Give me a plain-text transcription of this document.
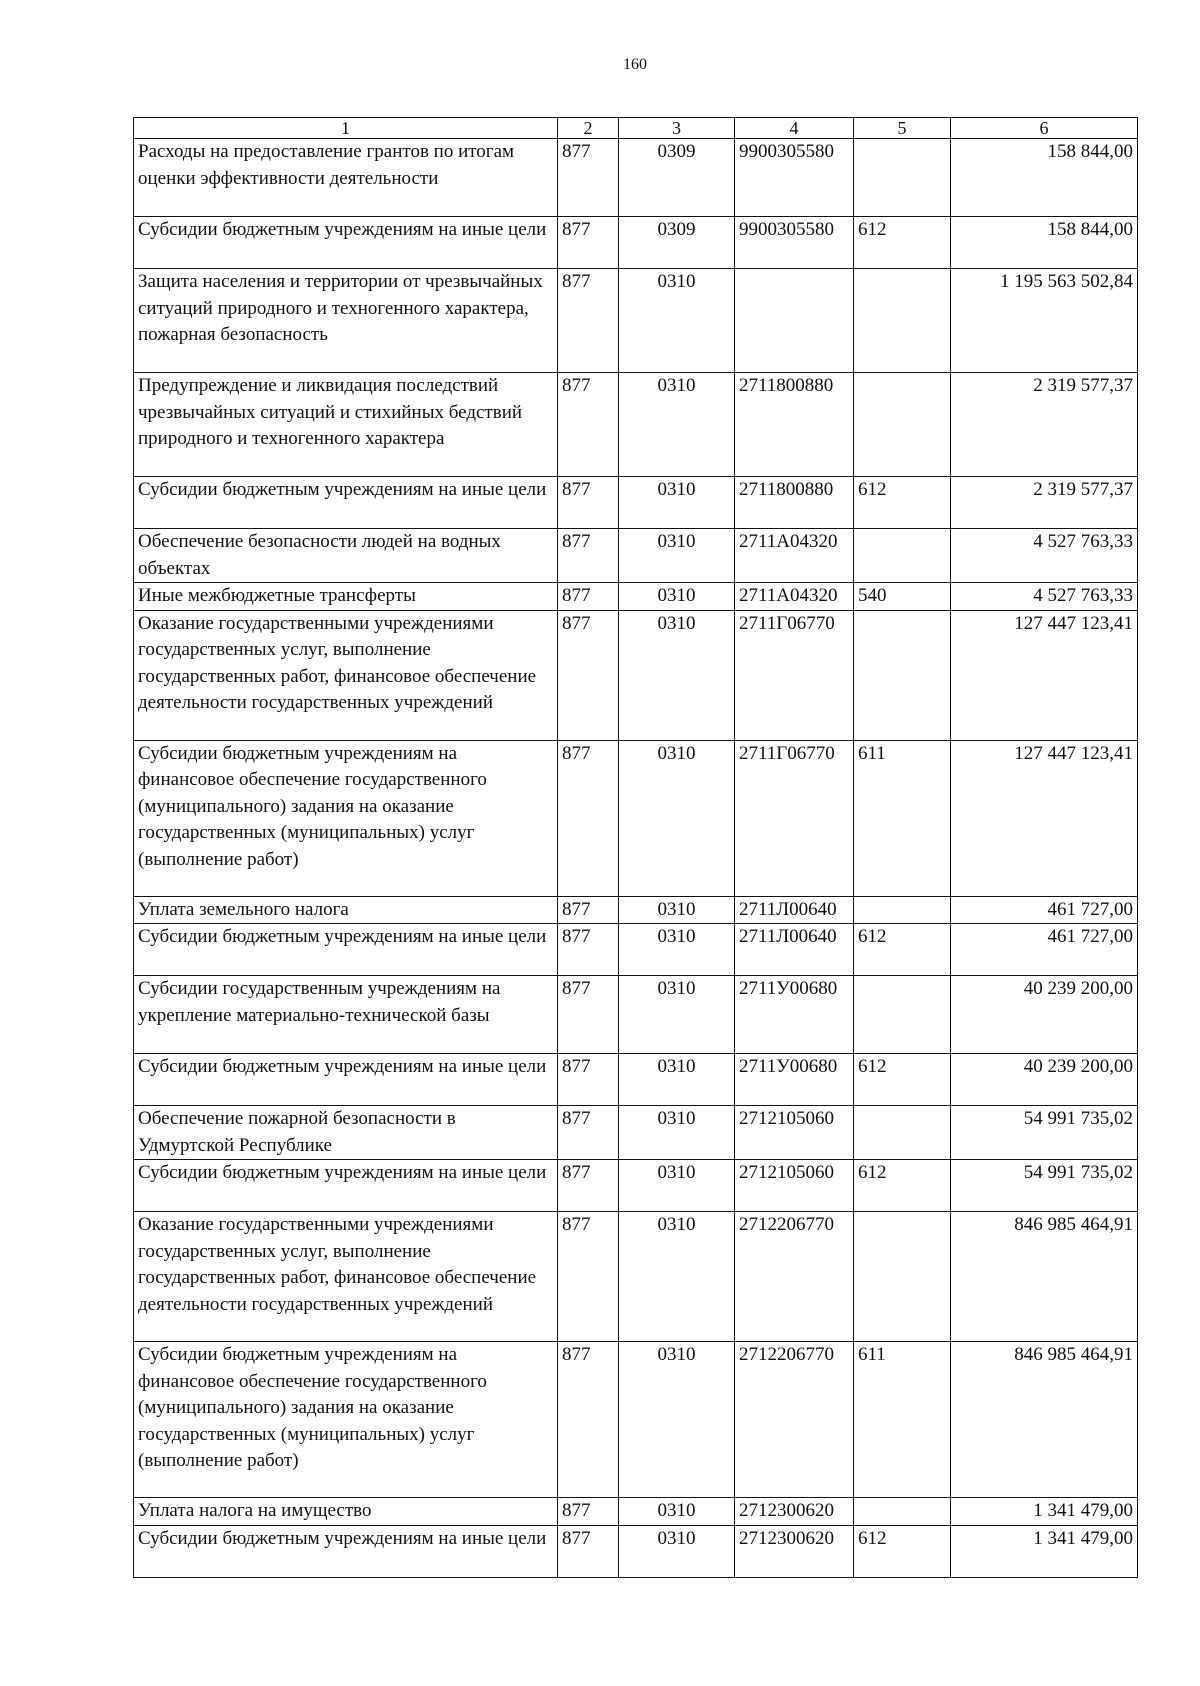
160
1	2	3	4	5	6
Расходы на предоставление грантов по итогам оценки эффективности деятельности	877	0309	9900305580		158 844,00
Субсидии бюджетным учреждениям на иные цели	877	0309	9900305580	612	158 844,00
Защита населения и территории от чрезвычайных ситуаций природного и техногенного характера, пожарная безопасность	877	0310			1 195 563 502,84
Предупреждение и ликвидация последствий чрезвычайных ситуаций и стихийных бедствий природного и техногенного характера	877	0310	2711800880		2 319 577,37
Субсидии бюджетным учреждениям на иные цели	877	0310	2711800880	612	2 319 577,37
Обеспечение безопасности людей на водных объектах	877	0310	2711А04320		4 527 763,33
Иные межбюджетные трансферты	877	0310	2711А04320	540	4 527 763,33
Оказание государственными учреждениями государственных услуг, выполнение государственных работ, финансовое обеспечение деятельности государственных учреждений	877	0310	2711Г06770		127 447 123,41
Субсидии бюджетным учреждениям на финансовое обеспечение государственного (муниципального) задания на оказание государственных (муниципальных) услуг (выполнение работ)	877	0310	2711Г06770	611	127 447 123,41
Уплата земельного налога	877	0310	2711Л00640		461 727,00
Субсидии бюджетным учреждениям на иные цели	877	0310	2711Л00640	612	461 727,00
Субсидии государственным учреждениям на укрепление материально-технической базы	877	0310	2711У00680		40 239 200,00
Субсидии бюджетным учреждениям на иные цели	877	0310	2711У00680	612	40 239 200,00
Обеспечение пожарной безопасности в Удмуртской Республике	877	0310	2712105060		54 991 735,02
Субсидии бюджетным учреждениям на иные цели	877	0310	2712105060	612	54 991 735,02
Оказание государственными учреждениями государственных услуг, выполнение государственных работ, финансовое обеспечение деятельности государственных учреждений	877	0310	2712206770		846 985 464,91
Субсидии бюджетным учреждениям на финансовое обеспечение государственного (муниципального) задания на оказание государственных (муниципальных) услуг (выполнение работ)	877	0310	2712206770	611	846 985 464,91
Уплата налога на имущество	877	0310	2712300620		1 341 479,00
Субсидии бюджетным учреждениям на иные цели	877	0310	2712300620	612	1 341 479,00
